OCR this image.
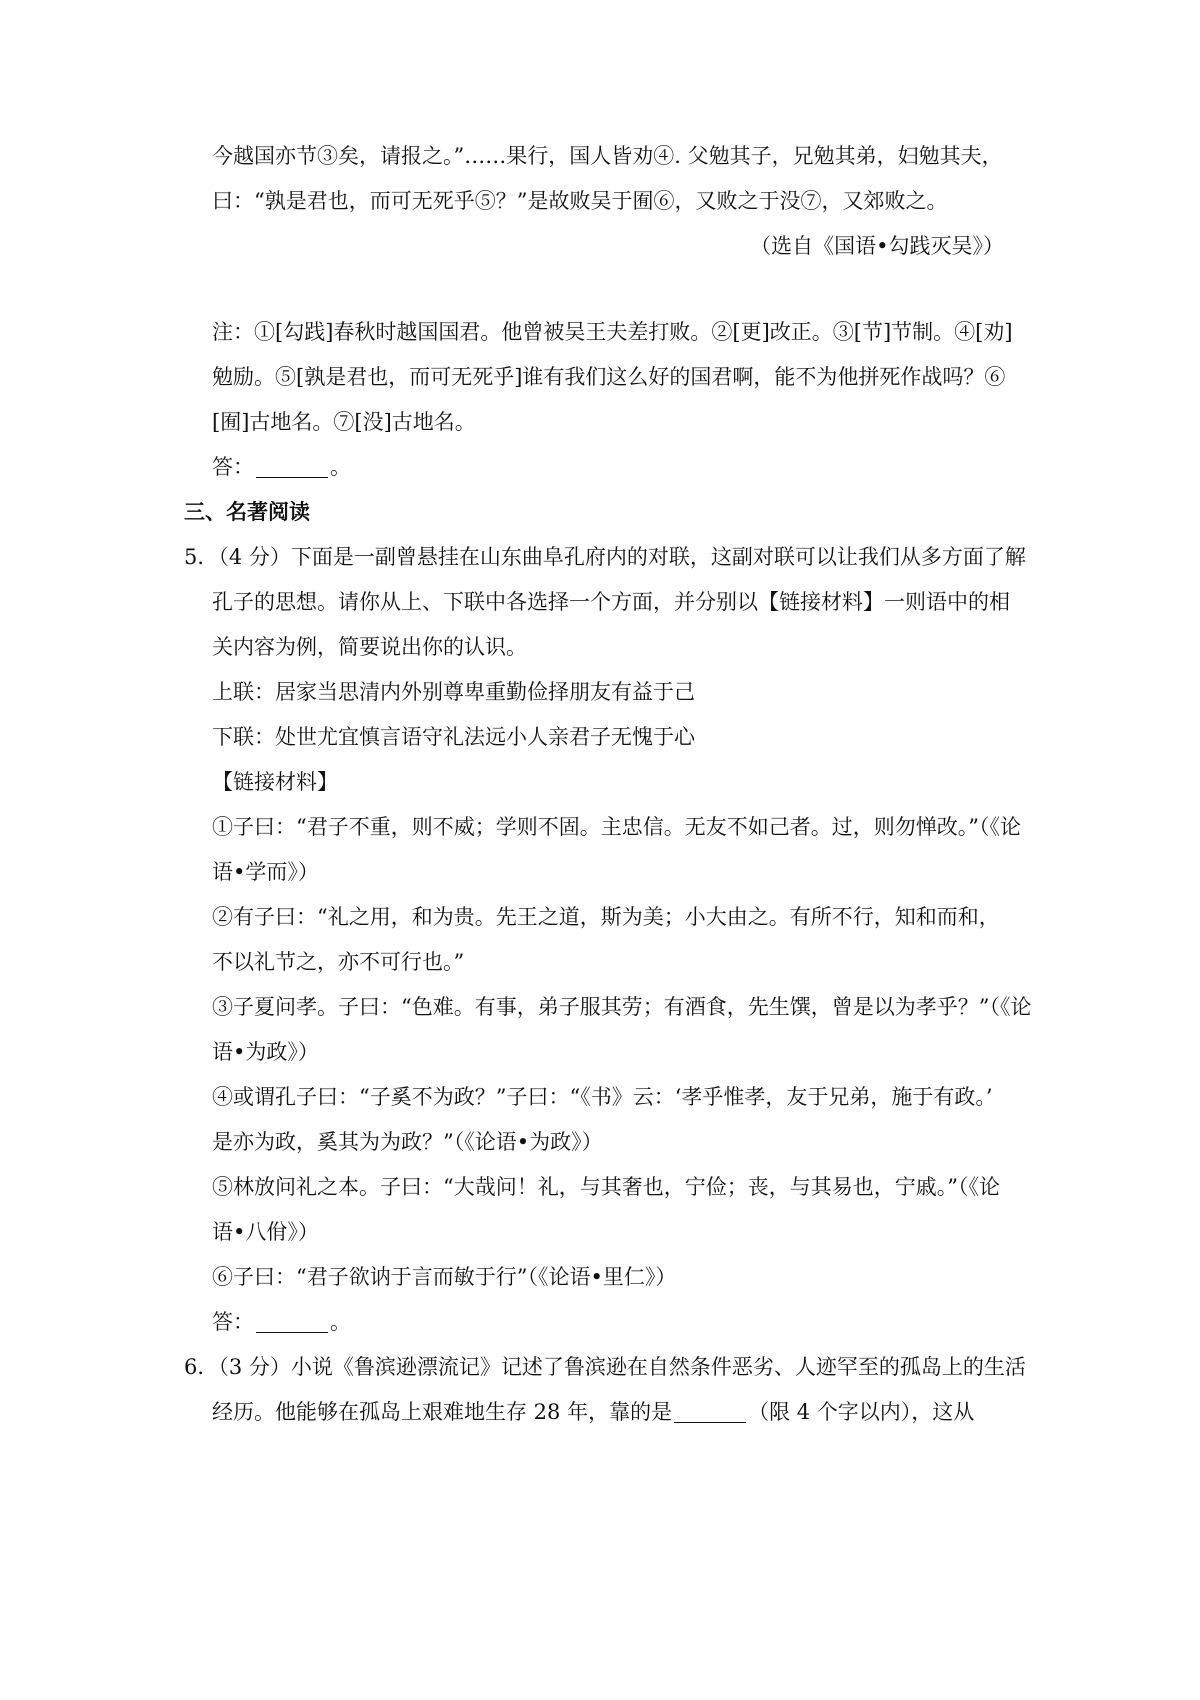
今越国亦节③矣，请报之。”……果行，国人皆劝④. 父勉其子，兄勉其弟，妇勉其夫，
曰：“孰是君也，而可无死乎⑤？”是故败吴于囿⑥，又败之于没⑦，又郊败之。
（选自《国语•勾践灭吴》）
注：①[勾践]春秋时越国国君。他曾被吴王夫差打败。②[更]改正。③[节]节制。④[劝]
勉励。⑤[孰是君也，而可无死乎]谁有我们这么好的国君啊，能不为他拼死作战吗？⑥
[囿]古地名。⑦[没]古地名。
答：	。
三、名著阅读
5．（4 分）下面是一副曾悬挂在山东曲阜孔府内的对联，这副对联可以让我们从多方面了解
孔子的思想。请你从上、下联中各选择一个方面，并分别以【链接材料】一则语中的相
关内容为例，简要说出你的认识。
上联：居家当思清内外别尊卑重勤俭择朋友有益于己
下联：处世尤宜慎言语守礼法远小人亲君子无愧于心
【链接材料】
①子曰：“君子不重，则不威；学则不固。主忠信。无友不如己者。过，则勿惮改。”（《论
语•学而》）
②有子曰：“礼之用，和为贵。先王之道，斯为美；小大由之。有所不行，知和而和，
不以礼节之，亦不可行也。”
③子夏问孝。子曰：“色难。有事，弟子服其劳；有酒食，先生馔，曾是以为孝乎？”（《论
语•为政》）
④或谓孔子曰：“子奚不为政？”子曰：“《书》云：‘孝乎惟孝，友于兄弟，施于有政。’
是亦为政，奚其为为政？”（《论语•为政》）
⑤林放问礼之本。子曰：“大哉问！礼，与其奢也，宁俭；丧，与其易也，宁戚。”（《论
语•八佾》）
⑥子曰：“君子欲讷于言而敏于行”（《论语•里仁》）
答：	。
6．（3 分）小说《鲁滨逊漂流记》记述了鲁滨逊在自然条件恶劣、人迹罕至的孤岛上的生活
经历。他能够在孤岛上艰难地生存 28 年，靠的是	（限 4 个字以内），这从
